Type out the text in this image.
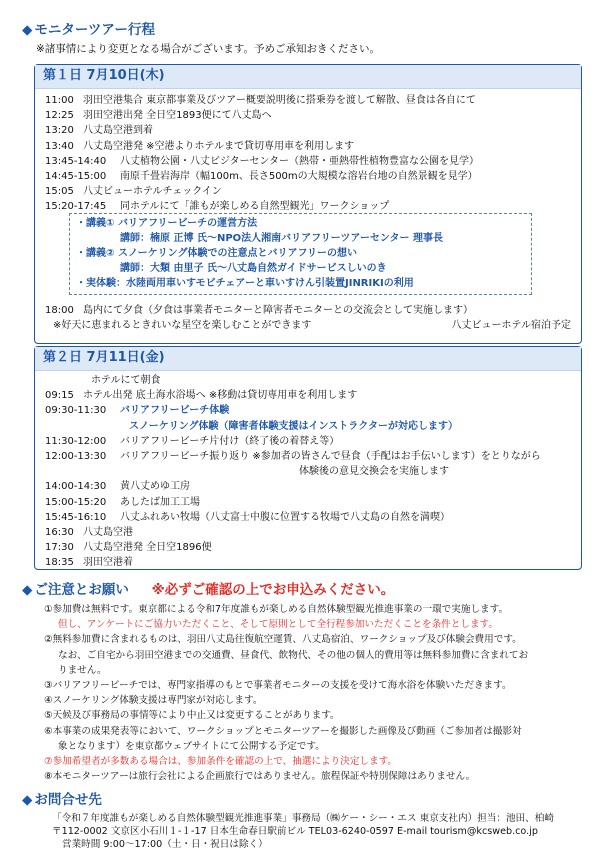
◆ モニターツアー行程
※諸事情により変更となる場合がございます。予めご承知おきください。
第１日 7月10日(木)
11:00 羽田空港集合 東京都事業及びツアー概要説明後に搭乗券を渡して解散、昼食は各自にて
12:25 羽田空港出発 全日空1893便にて八丈島へ
13:20 八丈島空港到着
13:40 八丈島空港発 ※空港よりホテルまで貸切専用車を利用します
13:45-14:40	八丈植物公園・八丈ビジターセンター（熱帯・亜熱帯性植物豊富な公園を見学）
14:45-15:00	南原千畳岩海岸（幅100m、長さ500mの大規模な溶岩台地の自然景観を見学）
15:05 八丈ビューホテルチェックイン
15:20-17:45	同ホテルにて「誰もが楽しめる自然型観光」ワークショップ
18:00 島内にて夕食（夕食は事業者モニターと障害者モニターとの交流会として実施します）
※好天に恵まれるときれいな星空を楽しむことができます	八丈ビューホテル宿泊予定
・講義① バリアフリービーチの運営方法
講師：楠原 正博 氏～NPO法人湘南バリアフリーツアーセンター 理事長
・講義② スノーケリング体験での注意点とバリアフリーの想い
講師：大類 由里子 氏～八丈島自然ガイドサービスしいのき
・実体験：水陸両用車いすモビチェアーと車いすけん引装置JINRIKIの利用
第２日 7月11日(金)
ホテルにて朝食
09:15 ホテル出発 底土海水浴場へ ※移動は貸切専用車を利用します
09:30-11:30	バリアフリービーチ体験
スノーケリング体験（障害者体験支援はインストラクターが対応します）
11:30-12:00	バリアフリービーチ片付け（終了後の着替え等）
12:00-13:30	バリアフリービーチ振り返り ※参加者の皆さんで昼食（手配はお手伝いします）をとりながら
体験後の意見交換会を実施します
14:00-14:30	黄八丈めゆ工房
15:00-15:20	あしたば加工工場
15:45-16:10	八丈ふれあい牧場（八丈富士中腹に位置する牧場で八丈島の自然を満喫）
16:30 八丈島空港
17:30 八丈島空港発 全日空1896便
18:35 羽田空港着
◆ ご注意とお願い ※必ずご確認の上でお申込みください。

①参加費は無料です。東京都による令和7年度誰もが楽しめる自然体験型観光推進事業の一環で実施します。

但し、アンケートにご協力いただくこと、そして原則として全行程参加いただくことを条件とします。

②無料参加費に含まれるものは、羽田八丈島往復航空運賃、八丈島宿泊、ワークショップ及び体験会費用です。

なお、ご自宅から羽田空港までの交通費、昼食代、飲物代、その他の個人的費用等は無料参加費に含まれてお

りません。

③バリアフリービーチでは、専門家指導のもとで事業者モニターの支援を受けて海水浴を体験いただきます。

④スノーケリング体験支援は専門家が対応します。

⑤天候及び事務局の事情等により中止又は変更することがあります。

⑥本事業の成果発表等において、ワークショップとモニターツアーを撮影した画像及び動画（ご参加者は撮影対

象となります）を東京都ウェブサイトにて公開する予定です。

⑦参加希望者が多数ある場合は、参加条件を確認の上で、抽選により決定します。

⑧本モニターツアーは旅行会社による企画旅行ではありません。旅程保証や特別保障はありません。

◆ お問合せ先

「令和７年度誰もが楽しめる自然体験型観光推進事業」事務局（㈱ケー・シー・エス 東京支社内）担当：池田、柏崎

〒112-0002 文京区小石川１-１-17 日本生命春日駅前ビル TEL03-6240-0597 E-mail tourism@kcsweb.co.jp

営業時間 9:00～17:00（土・日・祝日は除く）
